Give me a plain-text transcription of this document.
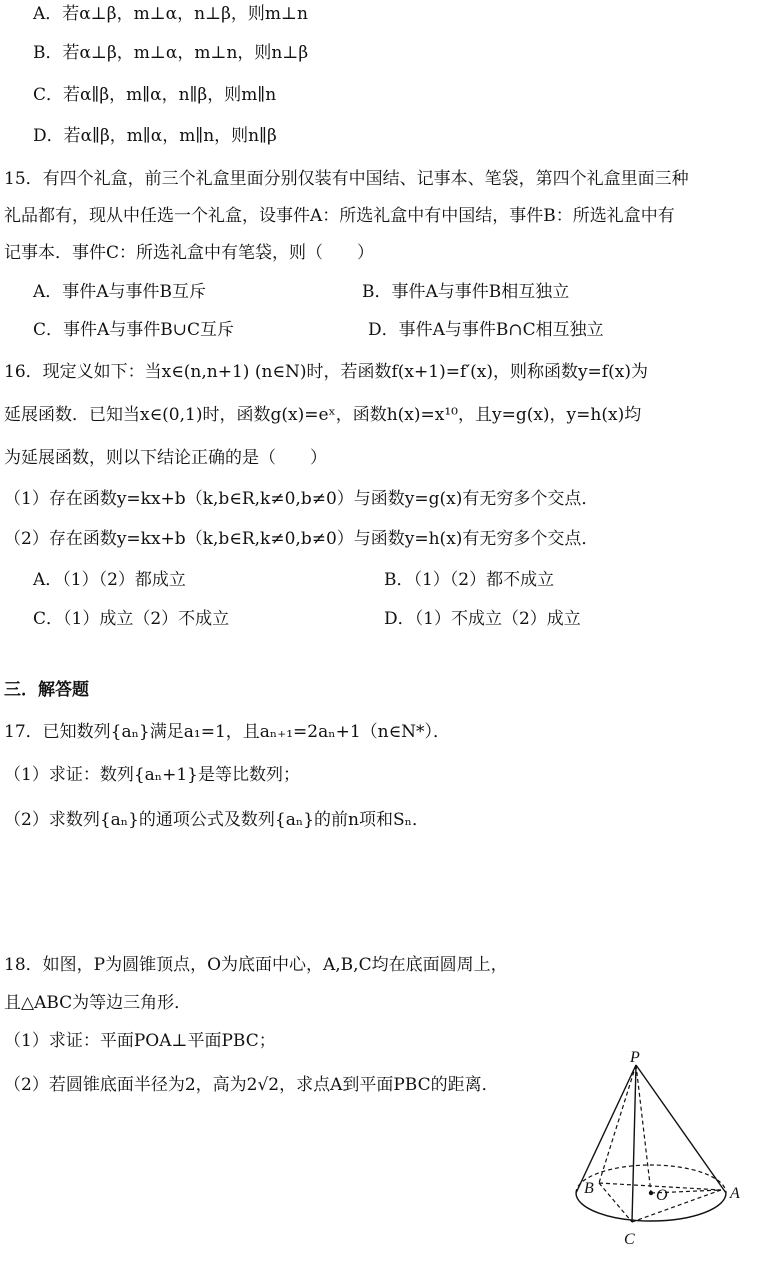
A．若α⊥β，m⊥α，n⊥β，则m⊥n
B．若α⊥β，m⊥α，m⊥n，则n⊥β
C．若α∥β，m∥α，n∥β，则m∥n
D．若α∥β，m∥α，m∥n，则n∥β
15．有四个礼盒，前三个礼盒里面分别仅装有中国结、记事本、笔袋，第四个礼盒里面三种
礼品都有，现从中任选一个礼盒，设事件A：所选礼盒中有中国结，事件B：所选礼盒中有
记事本．事件C：所选礼盒中有笔袋，则（　　）
A．事件A与事件B互斥	B．事件A与事件B相互独立
C．事件A与事件B∪C互斥	D．事件A与事件B∩C相互独立
16．现定义如下：当x∈(n,n+1) (n∈N)时，若函数f(x+1)=f′(x)，则称函数y=f(x)为
延展函数．已知当x∈(0,1)时，函数g(x)=eˣ，函数h(x)=x¹⁰，且y=g(x)，y=h(x)均
为延展函数，则以下结论正确的是（　　）
（1）存在函数y=kx+b（k,b∈R,k≠0,b≠0）与函数y=g(x)有无穷多个交点．
（2）存在函数y=kx+b（k,b∈R,k≠0,b≠0）与函数y=h(x)有无穷多个交点．
A．（1）（2）都成立	B．（1）（2）都不成立
C．（1）成立（2）不成立	D．（1）不成立（2）成立
三．解答题
17．已知数列{aₙ}满足a₁=1，且aₙ₊₁=2aₙ+1（n∈N*）．
（1）求证：数列{aₙ+1}是等比数列；
（2）求数列{aₙ}的通项公式及数列{aₙ}的前n项和Sₙ．
18．如图，P为圆锥顶点，O为底面中心，A,B,C均在底面圆周上，
且△ABC为等边三角形．
（1）求证：平面POA⊥平面PBC；
（2）若圆锥底面半径为2，高为2√2，求点A到平面PBC的距离．
P
O	A
B
C
